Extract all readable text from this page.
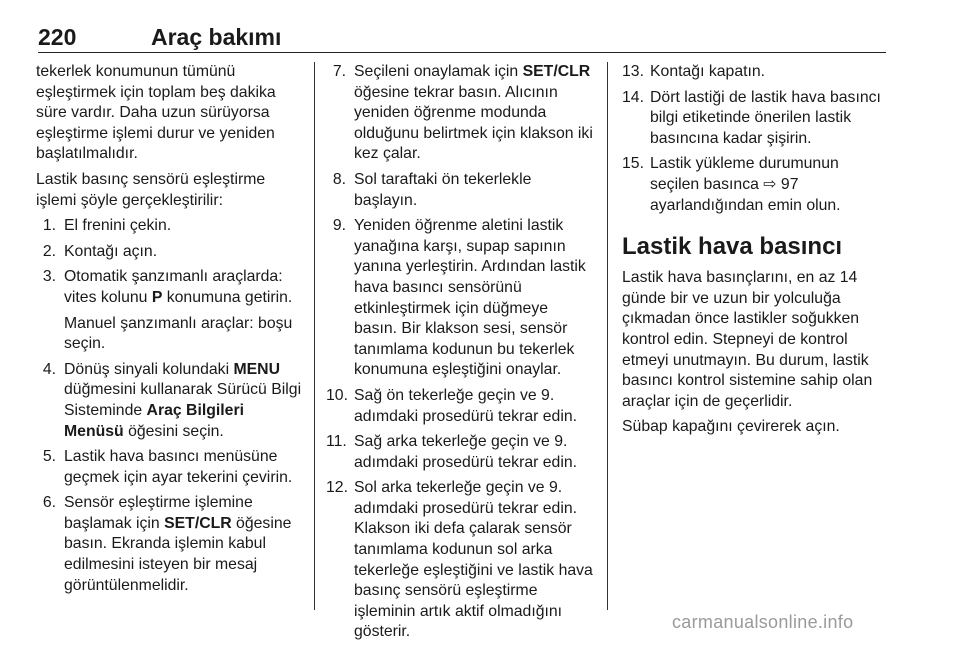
220	Araç bakımı

tekerlek konumunun tümünü eşleştirmek için toplam beş dakika süre vardır. Daha uzun sürüyorsa eşleştirme işlemi durur ve yeniden başlatılmalıdır.

Lastik basınç sensörü eşleştirme işlemi şöyle gerçekleştirilir:

1. El frenini çekin.
2. Kontağı açın.
3. Otomatik şanzımanlı araçlarda: vites kolunu P konumuna getirin.
Manuel şanzımanlı araçlar: boşu seçin.
4. Dönüş sinyali kolundaki MENU düğmesini kullanarak Sürücü Bilgi Sisteminde Araç Bilgileri Menüsü öğesini seçin.
5. Lastik hava basıncı menüsüne geçmek için ayar tekerini çevirin.
6. Sensör eşleştirme işlemine başlamak için SET/CLR öğesine basın. Ekranda işlemin kabul edilmesini isteyen bir mesaj görüntülenmelidir.
7. Seçileni onaylamak için SET/CLR öğesine tekrar basın. Alıcının yeniden öğrenme modunda olduğunu belirtmek için klakson iki kez çalar.
8. Sol taraftaki ön tekerlekle başlayın.
9. Yeniden öğrenme aletini lastik yanağına karşı, supap sapının yanına yerleştirin. Ardından lastik hava basıncı sensörünü etkinleştirmek için düğmeye basın. Bir klakson sesi, sensör tanımlama kodunun bu tekerlek konumuna eşleştiğini onaylar.
10. Sağ ön tekerleğe geçin ve 9. adımdaki prosedürü tekrar edin.
11. Sağ arka tekerleğe geçin ve 9. adımdaki prosedürü tekrar edin.
12. Sol arka tekerleğe geçin ve 9. adımdaki prosedürü tekrar edin. Klakson iki defa çalarak sensör tanımlama kodunun sol arka tekerleğe eşleştiğini ve lastik hava basınç sensörü eşleştirme işleminin artık aktif olmadığını gösterir.
13. Kontağı kapatın.
14. Dört lastiği de lastik hava basıncı bilgi etiketinde önerilen lastik basıncına kadar şişirin.
15. Lastik yükleme durumunun seçilen basınca ⇨ 97 ayarlandığından emin olun.
Lastik hava basıncı

Lastik hava basınçlarını, en az 14 günde bir ve uzun bir yolculuğa çıkmadan önce lastikler soğukken kontrol edin. Stepneyi de kontrol etmeyi unutmayın. Bu durum, lastik basıncı kontrol sistemine sahip olan araçlar için de geçerlidir.

Sübap kapağını çevirerek açın.

carmanualsonline.info
